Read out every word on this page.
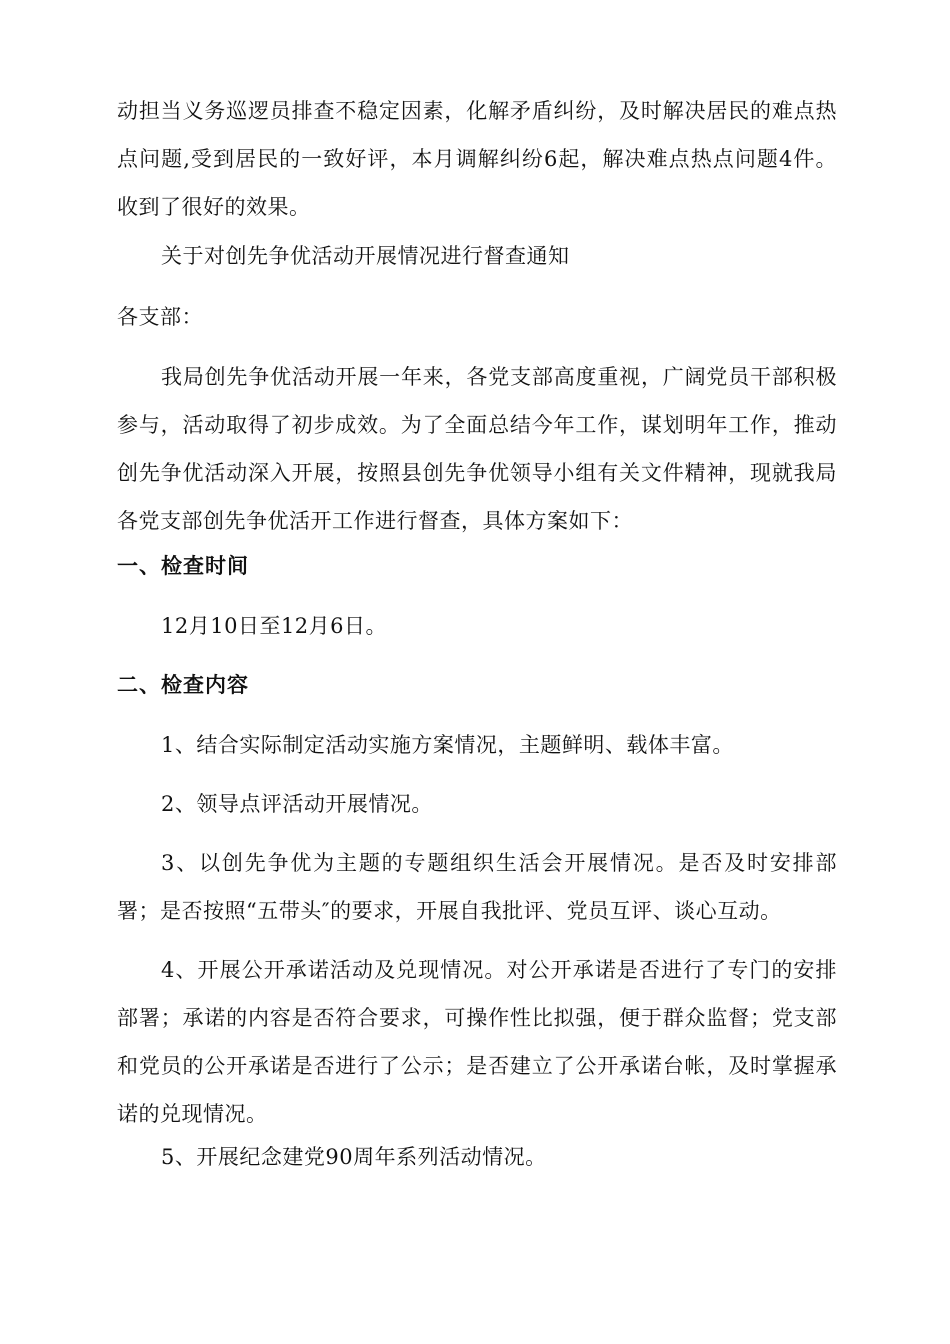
动担当义务巡逻员排查不稳定因素，化解矛盾纠纷，及时解决居民的难点热点问题,受到居民的一致好评，本月调解纠纷6起，解决难点热点问题4件。收到了很好的效果。

关于对创先争优活动开展情况进行督查通知

各支部：

我局创先争优活动开展一年来，各党支部高度重视，广阔党员干部积极参与，活动取得了初步成效。为了全面总结今年工作，谋划明年工作，推动创先争优活动深入开展，按照县创先争优领导小组有关文件精神，现就我局各党支部创先争优活开工作进行督查，具体方案如下：

一、检查时间

12月10日至12月6日。

二、检查内容

1、结合实际制定活动实施方案情况，主题鲜明、载体丰富。

2、领导点评活动开展情况。

3、以创先争优为主题的专题组织生活会开展情况。是否及时安排部署；是否按照“五带头″的要求，开展自我批评、党员互评、谈心互动。

4、开展公开承诺活动及兑现情况。对公开承诺是否进行了专门的安排部署；承诺的内容是否符合要求，可操作性比拟强，便于群众监督；党支部和党员的公开承诺是否进行了公示；是否建立了公开承诺台帐，及时掌握承诺的兑现情况。

5、开展纪念建党90周年系列活动情况。
